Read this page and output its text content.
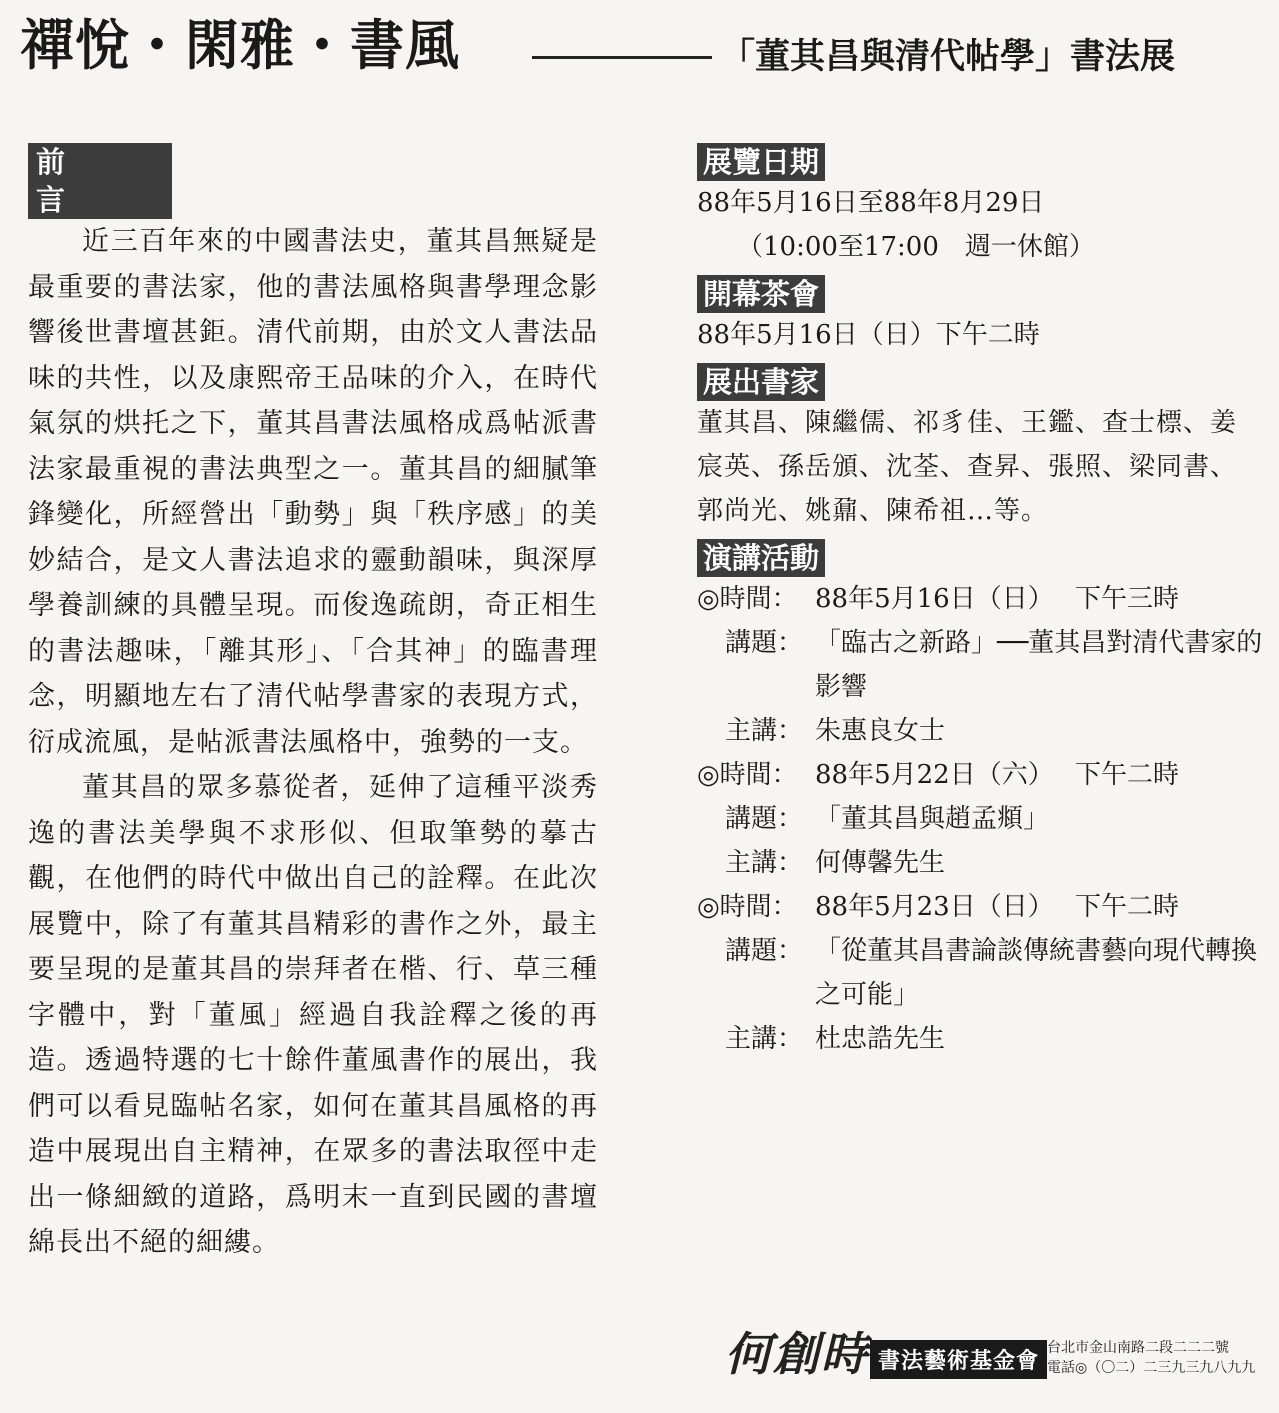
禪悅・閑雅・書風	「董其昌與清代帖學」書法展
前言

近三百年來的中國書法史，董其昌無疑是最重要的書法家，他的書法風格與書學理念影響後世書壇甚鉅。清代前期，由於文人書法品味的共性，以及康熙帝王品味的介入，在時代氣氛的烘托之下，董其昌書法風格成爲帖派書法家最重視的書法典型之一。董其昌的細膩筆鋒變化，所經營出「動勢」與「秩序感」的美妙結合，是文人書法追求的靈動韻味，與深厚學養訓練的具體呈現。而俊逸疏朗，奇正相生的書法趣味，「離其形」、「合其神」的臨書理念，明顯地左右了清代帖學書家的表現方式，衍成流風，是帖派書法風格中，強勢的一支。

董其昌的眾多慕從者，延伸了這種平淡秀逸的書法美學與不求形似、但取筆勢的摹古觀，在他們的時代中做出自己的詮釋。在此次展覽中，除了有董其昌精彩的書作之外，最主要呈現的是董其昌的崇拜者在楷、行、草三種字體中，對「董風」經過自我詮釋之後的再造。透過特選的七十餘件董風書作的展出，我們可以看見臨帖名家，如何在董其昌風格的再造中展現出自主精神，在眾多的書法取徑中走出一條細緻的道路，爲明末一直到民國的書壇綿長出不絕的細縷。

展覽日期
88年5月16日至88年8月29日
（10:00至17:00　週一休館）
開幕茶會
88年5月16日（日）下午二時
展出書家
董其昌、陳繼儒、祁豸佳、王鑑、查士標、姜宸英、孫岳頒、沈荃、查昇、張照、梁同書、郭尚光、姚鼐、陳希祖…等。
演講活動
◎時間： 88年5月16日（日）　 下午三時
講題： 「臨古之新路」──董其昌對清代書家的影響
主講： 朱惠良女士
◎時間： 88年5月22日（六）　 下午二時
講題： 「董其昌與趙孟頫」
主講： 何傳馨先生
◎時間： 88年5月23日（日）　 下午二時
講題： 「從董其昌書論談傳統書藝向現代轉換之可能」
主講： 杜忠誥先生
何創時 書法藝術基金會 台北市金山南路二段二二二號
電話◎（〇二）二三九三九八九九
